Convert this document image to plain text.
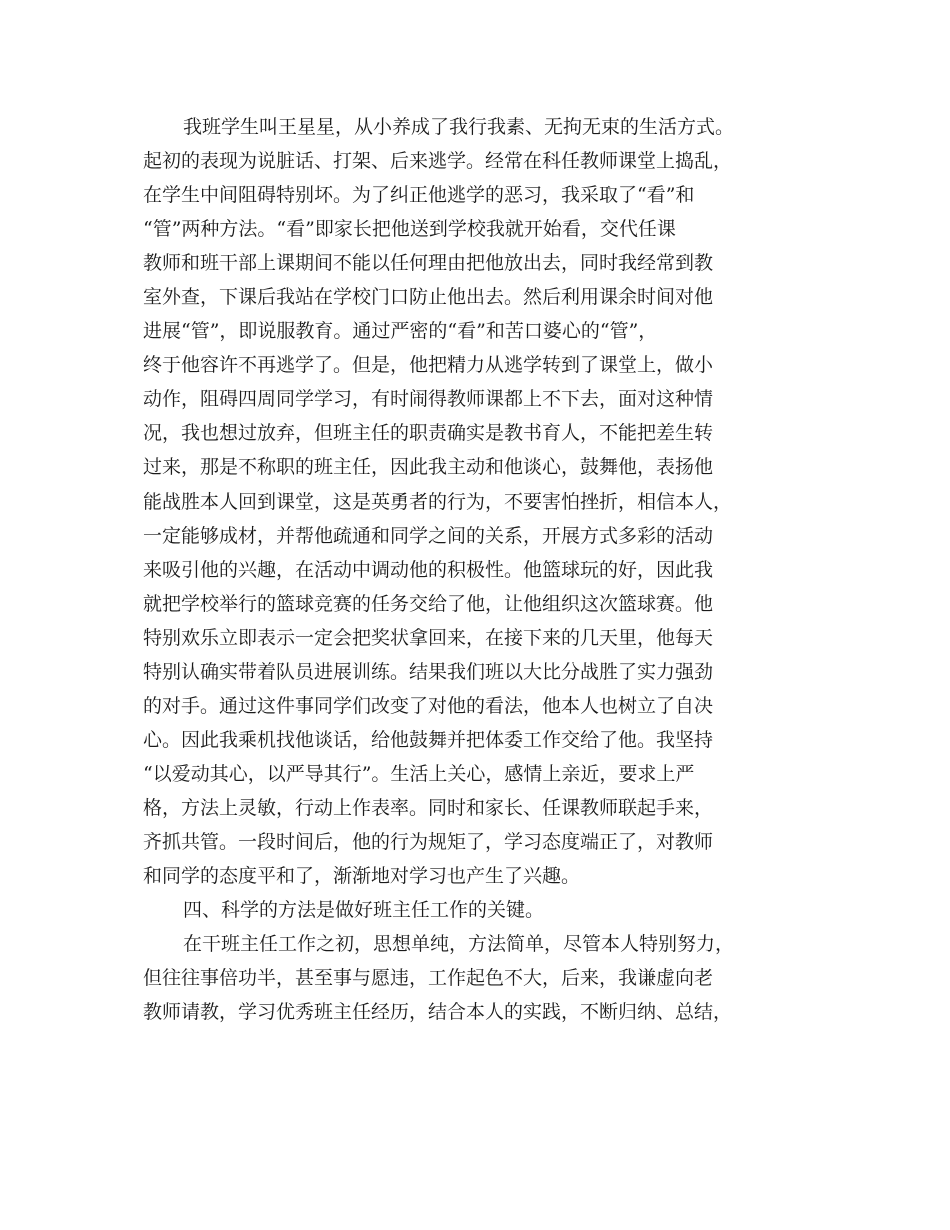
我班学生叫王星星，从小养成了我行我素、无拘无束的生活方式。
起初的表现为说脏话、打架、后来逃学。经常在科任教师课堂上捣乱，
在学生中间阻碍特别坏。为了纠正他逃学的恶习，我采取了“看”和
“管”两种方法。“看”即家长把他送到学校我就开始看，交代任课
教师和班干部上课期间不能以任何理由把他放出去，同时我经常到教
室外查，下课后我站在学校门口防止他出去。然后利用课余时间对他
进展“管”，即说服教育。通过严密的“看”和苦口婆心的“管”，
终于他容许不再逃学了。但是，他把精力从逃学转到了课堂上，做小
动作，阻碍四周同学学习，有时闹得教师课都上不下去，面对这种情
况，我也想过放弃，但班主任的职责确实是教书育人，不能把差生转
过来，那是不称职的班主任，因此我主动和他谈心，鼓舞他，表扬他
能战胜本人回到课堂，这是英勇者的行为，不要害怕挫折，相信本人，
一定能够成材，并帮他疏通和同学之间的关系，开展方式多彩的活动
来吸引他的兴趣，在活动中调动他的积极性。他篮球玩的好，因此我
就把学校举行的篮球竞赛的任务交给了他，让他组织这次篮球赛。他
特别欢乐立即表示一定会把奖状拿回来，在接下来的几天里，他每天
特别认确实带着队员进展训练。结果我们班以大比分战胜了实力强劲
的对手。通过这件事同学们改变了对他的看法，他本人也树立了自决
心。因此我乘机找他谈话，给他鼓舞并把体委工作交给了他。我坚持
“以爱动其心，以严导其行”。生活上关心，感情上亲近，要求上严
格，方法上灵敏，行动上作表率。同时和家长、任课教师联起手来，
齐抓共管。一段时间后，他的行为规矩了，学习态度端正了，对教师
和同学的态度平和了，渐渐地对学习也产生了兴趣。
四、科学的方法是做好班主任工作的关键。
在干班主任工作之初，思想单纯，方法简单，尽管本人特别努力，
但往往事倍功半，甚至事与愿违，工作起色不大，后来，我谦虚向老
教师请教，学习优秀班主任经历，结合本人的实践，不断归纳、总结，
